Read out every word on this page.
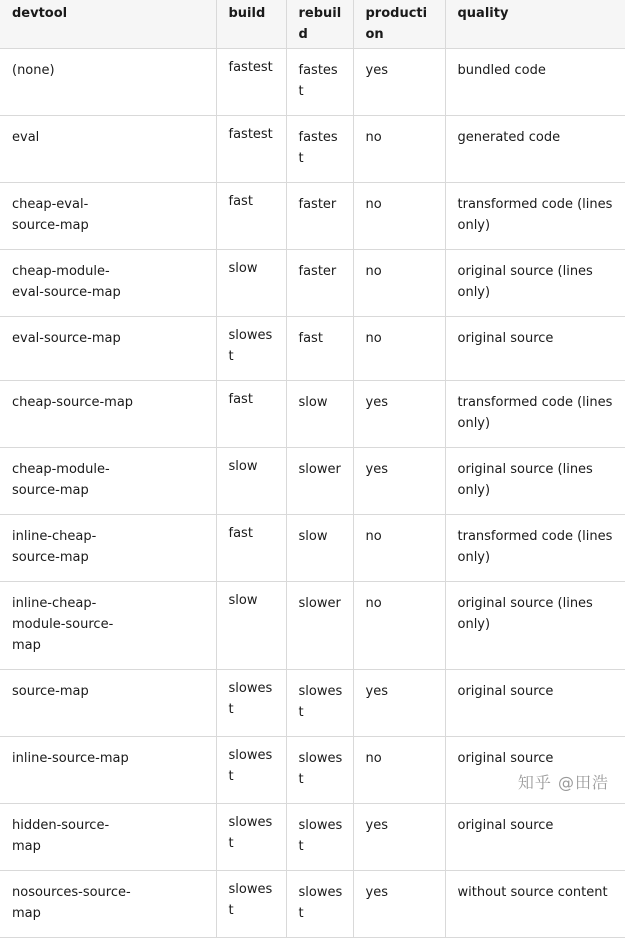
devtool	build	rebuild	production	quality
(none)	fastest	fastest	yes	bundled code
eval	fastest	fastest	no	generated code
cheap-eval-source-map	fast	faster	no	transformed code (lines only)
cheap-module-eval-source-map	slow	faster	no	original source (lines only)
eval-source-map	slowest	fast	no	original source
cheap-source-map	fast	slow	yes	transformed code (lines only)
cheap-module-source-map	slow	slower	yes	original source (lines only)
inline-cheap-source-map	fast	slow	no	transformed code (lines only)
inline-cheap-module-source-map	slow	slower	no	original source (lines only)
source-map	slowest	slowest	yes	original source
inline-source-map	slowest	slowest	no	original source
hidden-source-map	slowest	slowest	yes	original source
nosources-source-map	slowest	slowest	yes	without source content
知乎 @田浩
